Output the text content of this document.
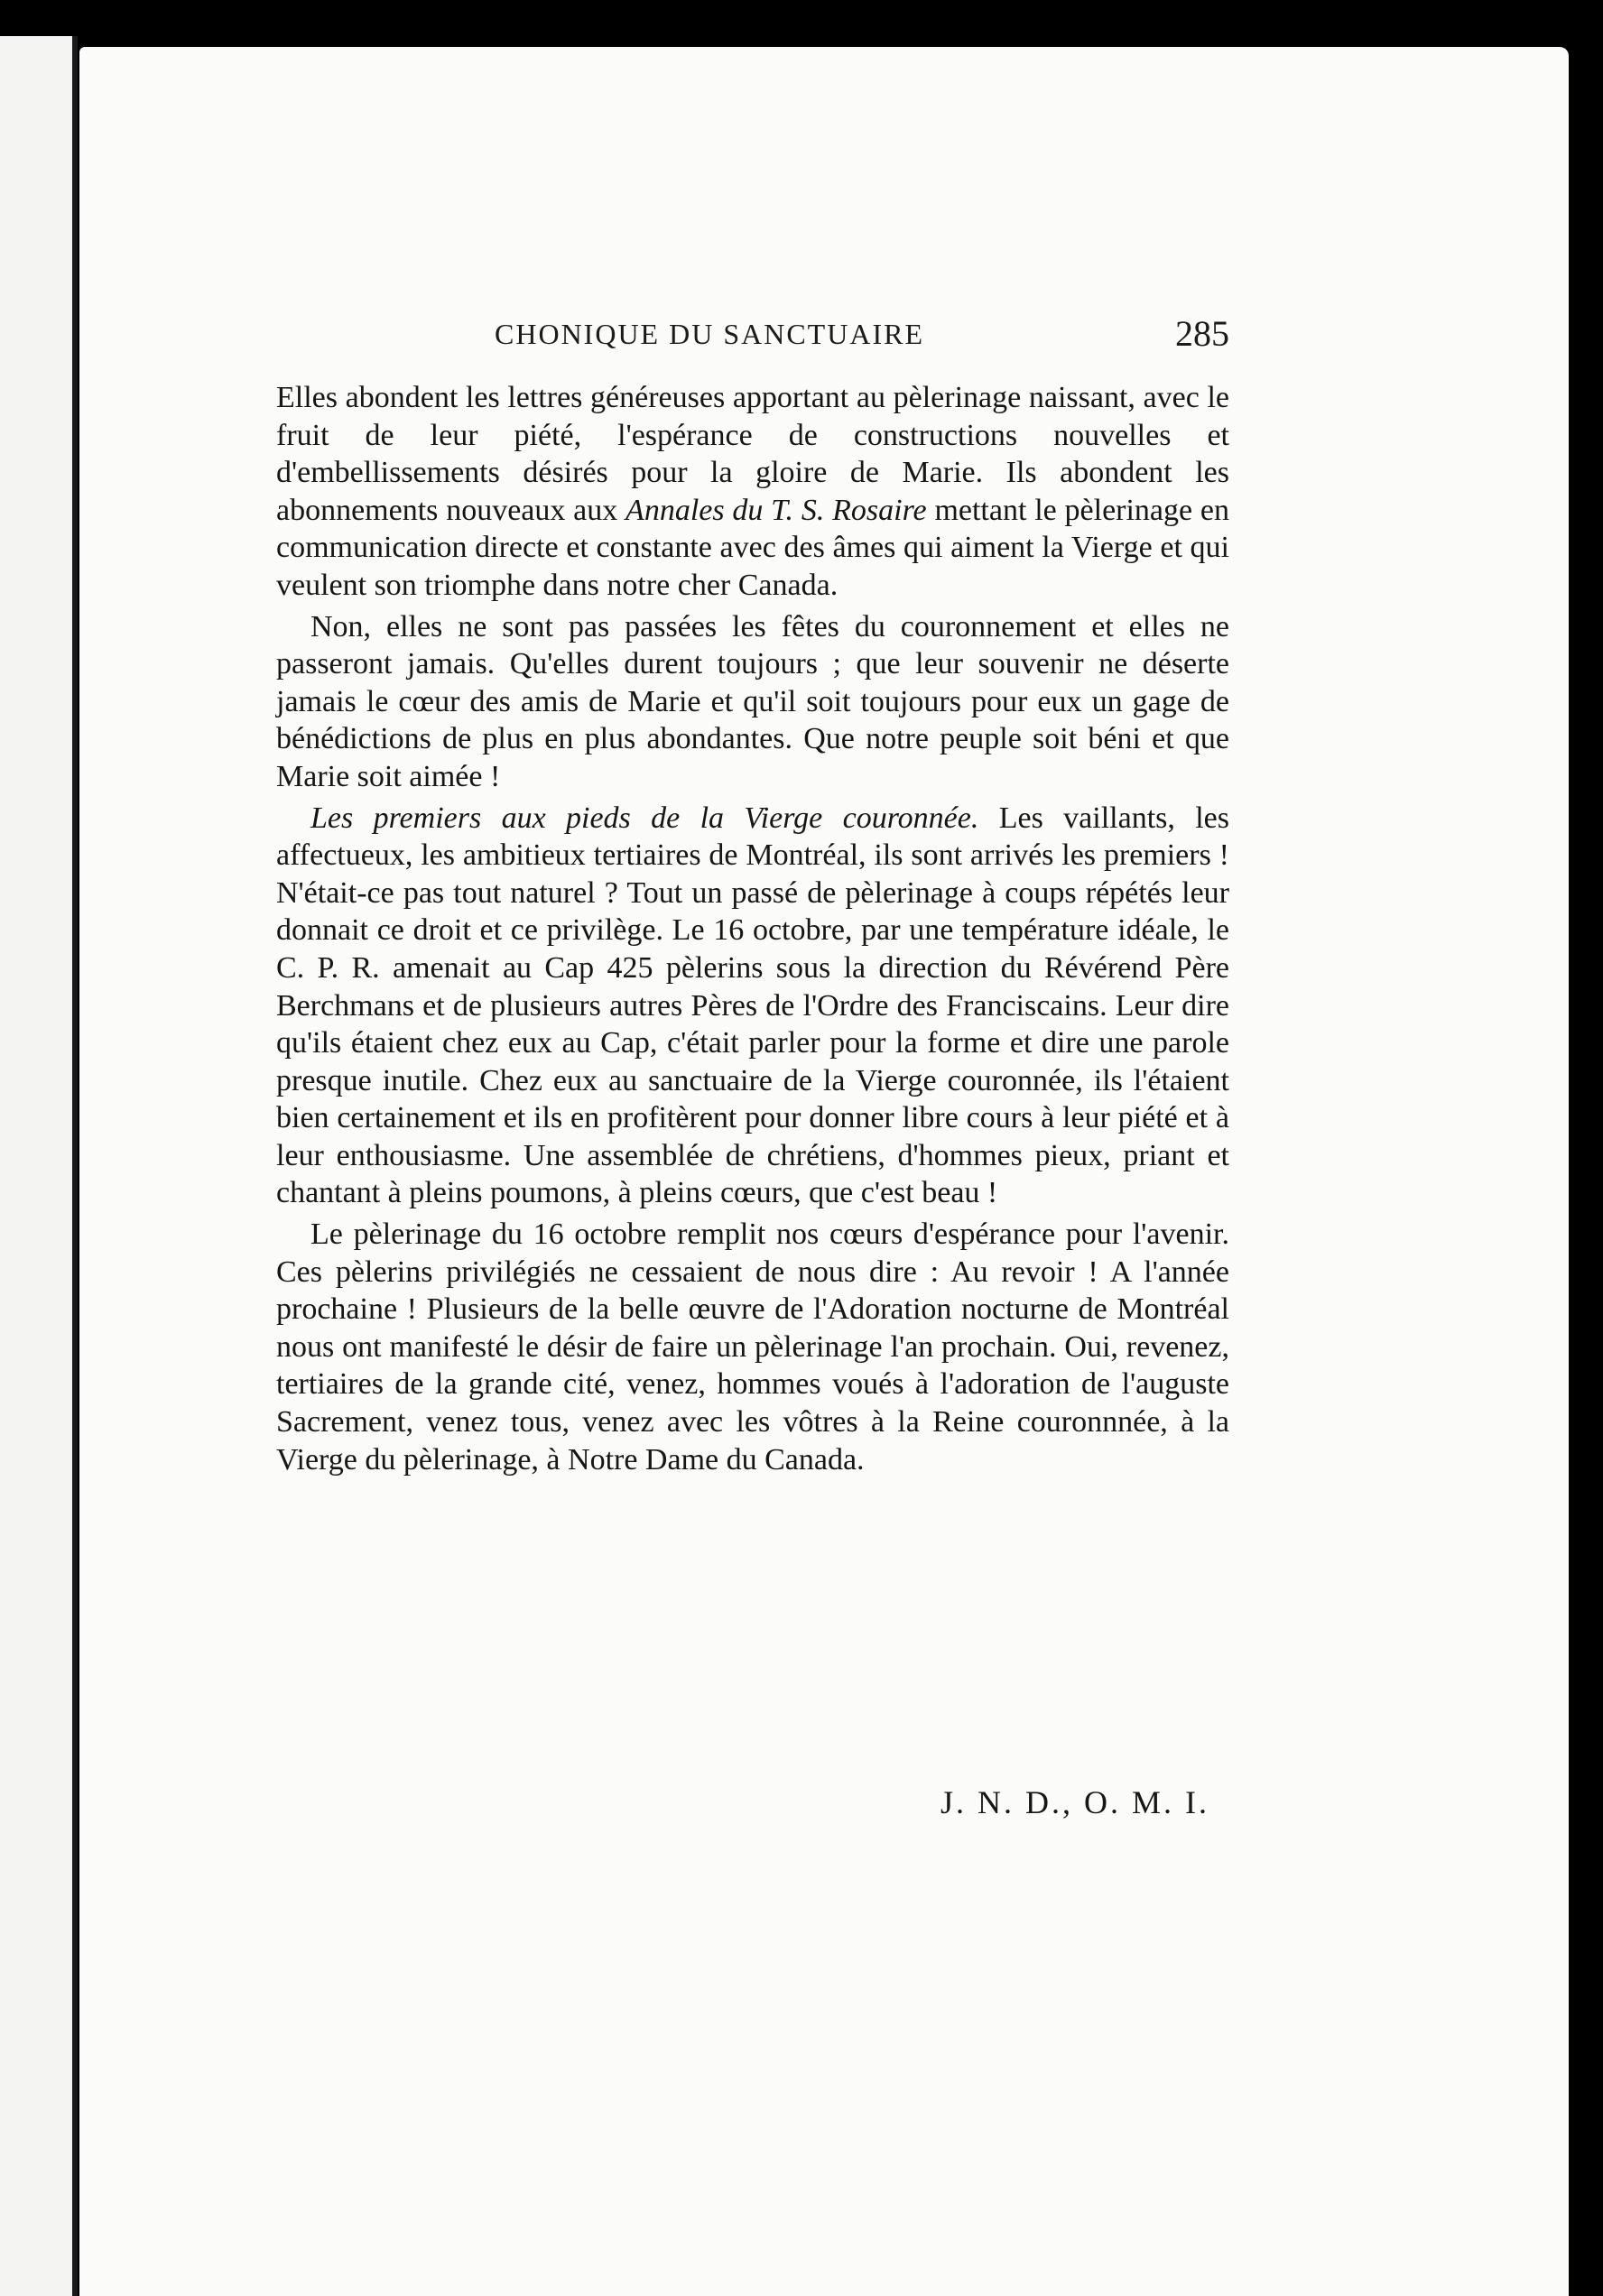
CHONIQUE DU SANCTUAIRE	285

Elles abondent les lettres généreuses apportant au pèlerinage naissant, avec le fruit de leur piété, l'espérance de constructions nouvelles et d'embellissements désirés pour la gloire de Marie. Ils abondent les abonnements nouveaux aux Annales du T. S. Rosaire mettant le pèlerinage en communication directe et constante avec des âmes qui aiment la Vierge et qui veulent son triomphe dans notre cher Canada.

Non, elles ne sont pas passées les fêtes du couronnement et elles ne passeront jamais. Qu'elles durent toujours ; que leur souvenir ne déserte jamais le cœur des amis de Marie et qu'il soit toujours pour eux un gage de bénédictions de plus en plus abondantes. Que notre peuple soit béni et que Marie soit aimée !

Les premiers aux pieds de la Vierge couronnée. Les vaillants, les affectueux, les ambitieux tertiaires de Montréal, ils sont arrivés les premiers ! N'était-ce pas tout naturel ? Tout un passé de pèlerinage à coups répétés leur donnait ce droit et ce privilège. Le 16 octobre, par une température idéale, le C. P. R. amenait au Cap 425 pèlerins sous la direction du Révérend Père Berchmans et de plusieurs autres Pères de l'Ordre des Franciscains. Leur dire qu'ils étaient chez eux au Cap, c'était parler pour la forme et dire une parole presque inutile. Chez eux au sanctuaire de la Vierge couronnée, ils l'étaient bien certainement et ils en profitèrent pour donner libre cours à leur piété et à leur enthousiasme. Une assemblée de chrétiens, d'hommes pieux, priant et chantant à pleins poumons, à pleins cœurs, que c'est beau !

Le pèlerinage du 16 octobre remplit nos cœurs d'espérance pour l'avenir. Ces pèlerins privilégiés ne cessaient de nous dire : Au revoir ! A l'année prochaine ! Plusieurs de la belle œuvre de l'Adoration nocturne de Montréal nous ont manifesté le désir de faire un pèlerinage l'an prochain. Oui, revenez, tertiaires de la grande cité, venez, hommes voués à l'adoration de l'auguste Sacrement, venez tous, venez avec les vôtres à la Reine couronnnée, à la Vierge du pèlerinage, à Notre Dame du Canada.

J. N. D., O. M. I.
